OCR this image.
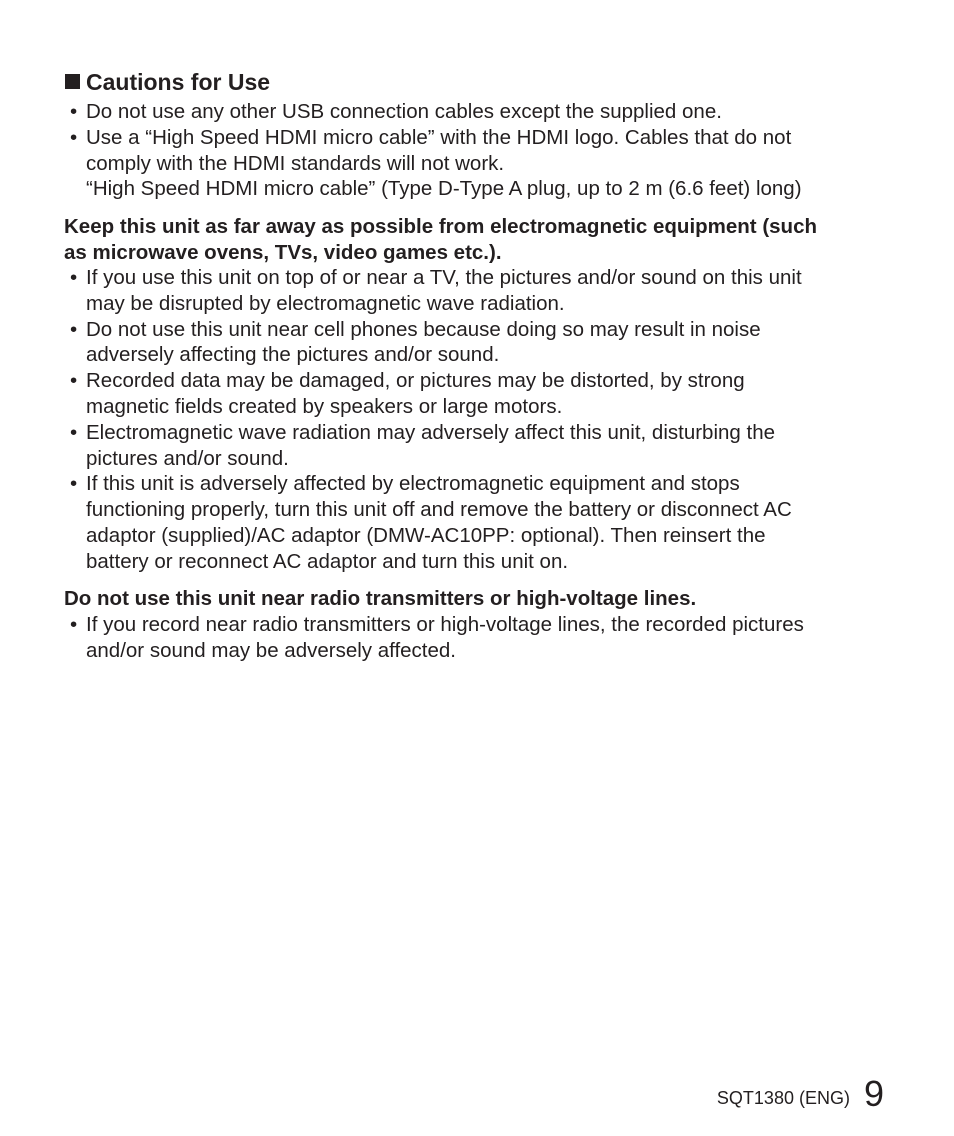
Cautions for Use
• Do not use any other USB connection cables except the supplied one.
• Use a “High Speed HDMI micro cable” with the HDMI logo. Cables that do not
comply with the HDMI standards will not work.
“High Speed HDMI micro cable” (Type D-Type A plug, up to 2 m (6.6 feet) long)
Keep this unit as far away as possible from electromagnetic equipment (such
as microwave ovens, TVs, video games etc.).
• If you use this unit on top of or near a TV, the pictures and/or sound on this unit
may be disrupted by electromagnetic wave radiation.
• Do not use this unit near cell phones because doing so may result in noise
adversely affecting the pictures and/or sound.
• Recorded data may be damaged, or pictures may be distorted, by strong
magnetic fields created by speakers or large motors.
• Electromagnetic wave radiation may adversely affect this unit, disturbing the
pictures and/or sound.
• If this unit is adversely affected by electromagnetic equipment and stops
functioning properly, turn this unit off and remove the battery or disconnect AC
adaptor (supplied)/AC adaptor (DMW-AC10PP: optional). Then reinsert the
battery or reconnect AC adaptor and turn this unit on.
Do not use this unit near radio transmitters or high-voltage lines.
• If you record near radio transmitters or high-voltage lines, the recorded pictures
and/or sound may be adversely affected.
SQT1380 (ENG) 9
